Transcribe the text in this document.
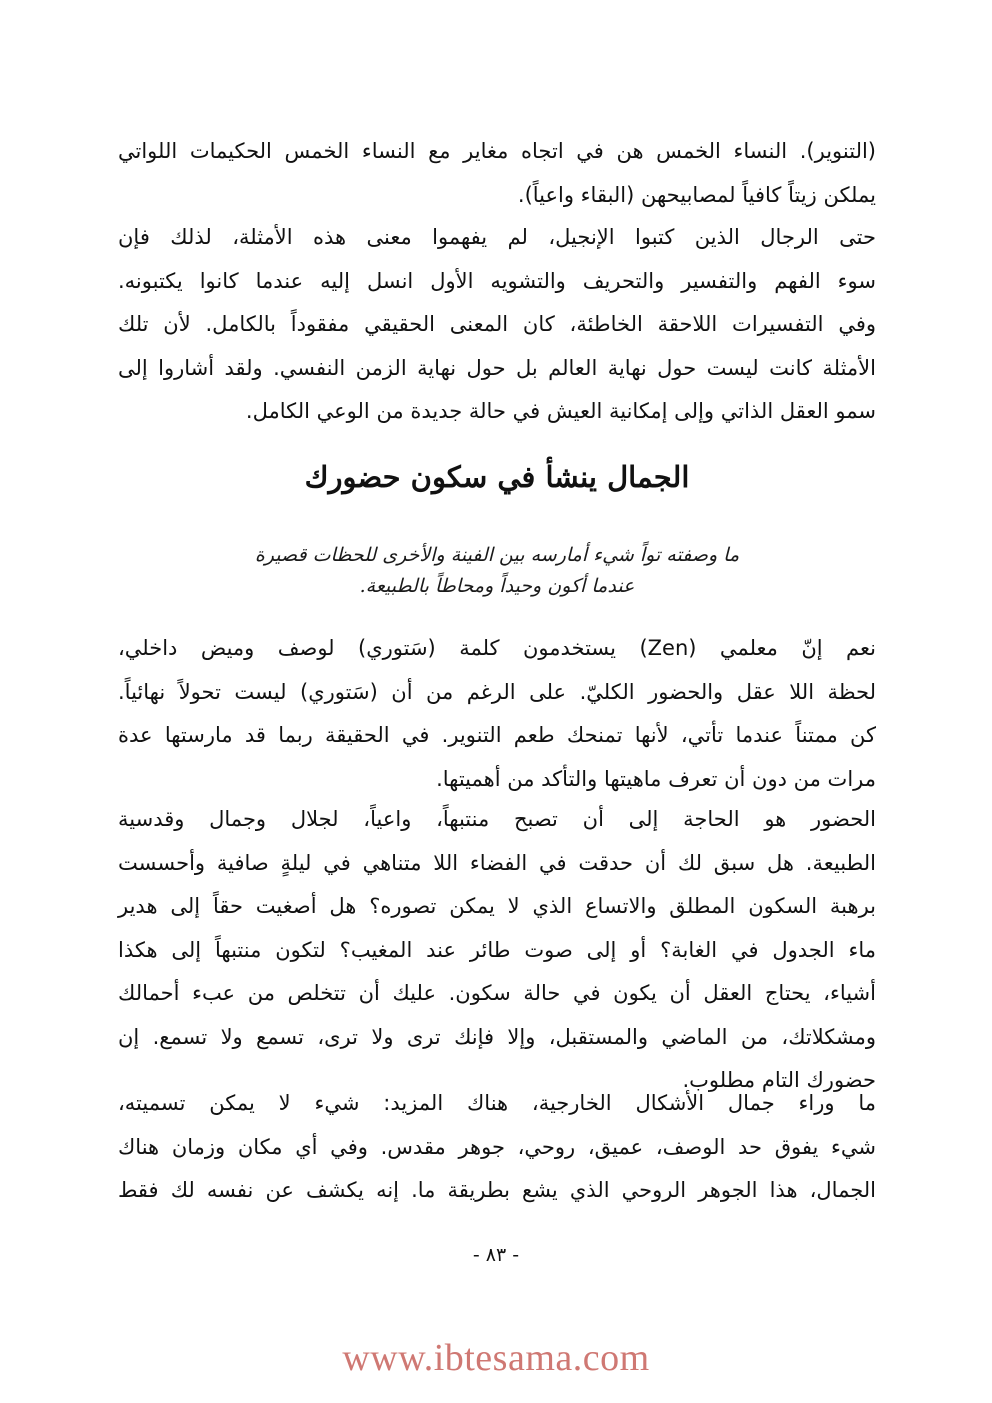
(التنوير). النساء الخمس هن في اتجاه مغاير مع النساء الخمس الحكيمات اللواتي
يملكن زيتاً كافياً لمصابيحهن (البقاء واعياً).
حتى الرجال الذين كتبوا الإنجيل، لم يفهموا معنى هذه الأمثلة، لذلك فإن
سوء الفهم والتفسير والتحريف والتشويه الأول انسل إليه عندما كانوا يكتبونه.
وفي التفسيرات اللاحقة الخاطئة، كان المعنى الحقيقي مفقوداً بالكامل. لأن تلك
الأمثلة كانت ليست حول نهاية العالم بل حول نهاية الزمن النفسي. ولقد أشاروا إلى
سمو العقل الذاتي وإلى إمكانية العيش في حالة جديدة من الوعي الكامل.
الجمال ينشأ في سكون حضورك
ما وصفته تواً شيء أمارسه بين الفينة والأخرى للحظات قصيرة
عندما أكون وحيداً ومحاطاً بالطبيعة.
نعم إنّ معلمي (Zen) يستخدمون كلمة (سَتوري) لوصف وميض داخلي،
لحظة اللا عقل والحضور الكليّ. على الرغم من أن (سَتوري) ليست تحولاً نهائياً.
كن ممتناً عندما تأتي، لأنها تمنحك طعم التنوير. في الحقيقة ربما قد مارستها عدة
مرات من دون أن تعرف ماهيتها والتأكد من أهميتها.
الحضور هو الحاجة إلى أن تصبح منتبهاً، واعياً، لجلال وجمال وقدسية
الطبيعة. هل سبق لك أن حدقت في الفضاء اللا متناهي في ليلةٍ صافية وأحسست
برهبة السكون المطلق والاتساع الذي لا يمكن تصوره؟ هل أصغيت حقاً إلى هدير
ماء الجدول في الغابة؟ أو إلى صوت طائر عند المغيب؟ لتكون منتبهاً إلى هكذا
أشياء، يحتاج العقل أن يكون في حالة سكون. عليك أن تتخلص من عبء أحمالك
ومشكلاتك، من الماضي والمستقبل، وإلا فإنك ترى ولا ترى، تسمع ولا تسمع. إن
حضورك التام مطلوب.
ما وراء جمال الأشكال الخارجية، هناك المزيد: شيء لا يمكن تسميته،
شيء يفوق حد الوصف، عميق، روحي، جوهر مقدس. وفي أي مكان وزمان هناك
الجمال، هذا الجوهر الروحي الذي يشع بطريقة ما. إنه يكشف عن نفسه لك فقط
- ٨٣ -
www.ibtesama.com
